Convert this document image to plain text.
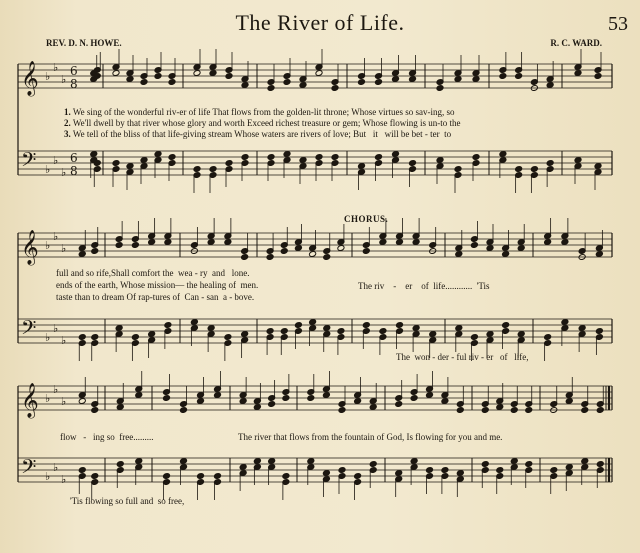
The River of Life.	53
REV. D. N. HOWE.	R. C. WARD.
1. We sing of the wonderful riv-er of life That flows from the golden-lit throne; Whose virtues so sav-ing, so
2. We'll dwell by that river whose glory and worth Exceed richest treasure or gem; Whose flowing is un-to the
3. We tell of the bliss of that life-giving stream Whose waters are rivers of love; But   it   will be bet - ter  to
CHORUS.
full and so rife,Shall comfort the  wea - ry  and   lone.
ends of the earth, Whose mission— the healing of  men.
taste than to dream Of rap-tures of  Can - san  a - bove.
The riv    -    er    of  life............  'Tis
The  won - der - ful riv - er   of   life,
flow   -   ing so  free.........	The river that flows from the fountain of God, Is flowing for you and me.
'Tis flowing so full and  so free,
𝄞
𝄢
♭
♭
♭
♭
♭
♭
6
8
6
8
𝄞
𝄢
♭
♭
♭
♭
♭
♭
𝄞
𝄢
♭
♭
♭
♭
♭
♭
